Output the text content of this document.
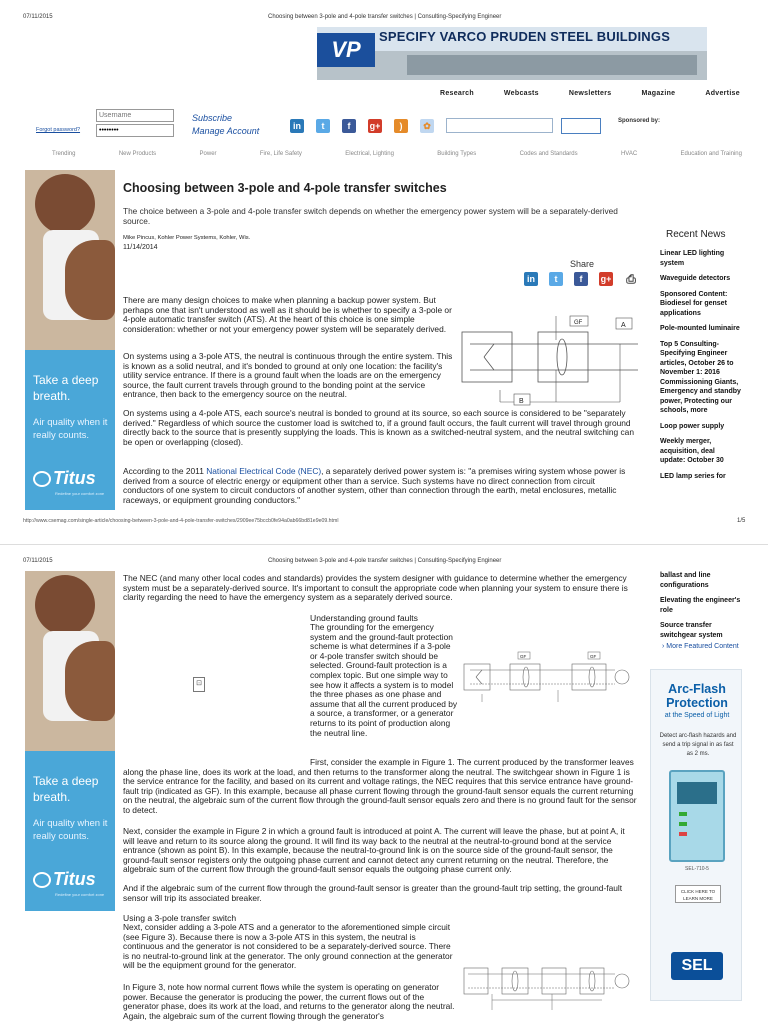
07/11/2015	Choosing between 3-pole and 4-pole transfer switches | Consulting-Specifying Engineer
VP
SPECIFY VARCO PRUDEN STEEL BUILDINGS
Research	Webcasts	Newsletters	Magazine	Advertise
Username
••••••••
Forgot password?
Subscribe
Manage Account	in	t	f	g+	)	✿	Sponsored by:
Trending	New Products	Power	Fire, Life Safety	Electrical, Lighting	Building Types	Codes and Standards	HVAC	Education and Training
Take a deep breath.
Air quality when it really counts.
Titus
Redefine your comfort zone
Choosing between 3-pole and 4-pole transfer switches
The choice between a 3-pole and 4-pole transfer switch depends on whether the emergency power system will be a separately-derived source.
Mike Pincus, Kohler Power Systems, Kohler, Wis.
11/14/2014
Share
in	t	f	g+ ⎙
There are many design choices to make when planning a backup power system. But perhaps one that isn't understood as well as it should be is whether to specify a 3-pole or 4-pole automatic transfer switch (ATS). At the heart of this choice is one simple consideration: whether or not your emergency power system will be separately derived.
On systems using a 3-pole ATS, the neutral is continuous through the entire system. This is known as a solid neutral, and it's bonded to ground at only one location: the facility's utility service entrance. If there is a ground fault when the loads are on the emergency source, the fault current travels through ground to the bonding point at the service entrance, then back to the emergency source on the neutral.
On systems using a 4-pole ATS, each source's neutral is bonded to ground at its source, so each source is considered to be "separately derived." Regardless of which source the customer load is switched to, if a ground fault occurs, the fault current will travel through ground directly back to the source that is presently supplying the loads. This is known as a switched-neutral system, and the neutral switching can be open or overlapping (closed).
According to the 2011 National Electrical Code (NEC), a separately derived power system is: "a premises wiring system whose power is derived from a source of electric energy or equipment other than a service. Such systems have no direct connection from circuit conductors of one system to circuit conductors of another system, other than connection through the earth, metal enclosures, metallic raceways, or equipment grounding conductors."
GF	A
B
Recent News
Linear LED lighting system
Waveguide detectors
Sponsored Content: Biodiesel for genset applications
Pole-mounted luminaire
Top 5 Consulting-Specifying Engineer articles, October 26 to November 1: 2016 Commissioning Giants, Emergency and standby power, Protecting our schools, more
Loop power supply
Weekly merger, acquisition, deal update: October 30
LED lamp series for
http://www.csemag.com/single-article/choosing-between-3-pole-and-4-pole-transfer-switches/2909ee75bccb0fe94a0ab66bd81e9e09.html	1/5
07/11/2015	Choosing between 3-pole and 4-pole transfer switches | Consulting-Specifying Engineer
Take a deep breath.
Air quality when it really counts.
Titus
Redefine your comfort zone
The NEC (and many other local codes and standards) provides the system designer with guidance to determine whether the emergency system must be a separately-derived source. It's important to consult the appropriate code when planning your system to ensure there is clarity regarding the need to have the emergency system as a separately derived source.
Understanding ground faults
The grounding for the emergency system and the ground-fault protection scheme is what determines if a 3-pole or 4-pole transfer switch should be selected. Ground-fault protection is a complex topic. But one simple way to see how it affects a system is to model the three phases as one phase and assume that all the current produced by a source, a transformer, or a generator returns to its point of production along the neutral line.
⊡
GF	GF
First, consider the example in Figure 1. The current produced by the transformer leaves along the phase line, does its work at the load, and then returns to the transformer along the neutral. The switchgear shown in Figure 1 is the service entrance for the facility, and based on its current and voltage ratings, the NEC requires that this service entrance have ground-fault trip (indicated as GF). In this example, because all phase current flowing through the ground-fault sensor equals the current returning on the neutral, the algebraic sum of the current flow through the ground-fault sensor equals zero and there is no ground fault for the sensor to detect.
Next, consider the example in Figure 2 in which a ground fault is introduced at point A. The current will leave the phase, but at point A, it will leave and return to its source along the ground. It will find its way back to the neutral at the neutral-to-ground bond at the service entrance (shown as point B). In this example, because the neutral-to-ground link is on the source side of the ground-fault sensor, the ground-fault sensor registers only the outgoing phase current and cannot detect any current returning on the neutral. Therefore, the algebraic sum of the current flow through the ground-fault sensor equals the outgoing phase current only.
And if the algebraic sum of the current flow through the ground-fault sensor is greater than the ground-fault trip setting, the ground-fault sensor will trip its associated breaker.
Using a 3-pole transfer switch
Next, consider adding a 3-pole ATS and a generator to the aforementioned simple circuit (see Figure 3). Because there is now a 3-pole ATS in this system, the neutral is continuous and the generator is not considered to be a separately-derived source. There is no neutral-to-ground link at the generator. The only ground connection at the generator will be the equipment ground for the generator.
In Figure 3, note how normal current flows while the system is operating on generator power. Because the generator is producing the power, the current flows out of the generator phase, does its work at the load, and returns to the generator along the neutral. Again, the algebraic sum of the current flowing through the generator's
ballast and line configurations
Elevating the engineer's role
Source transfer switchgear system
› More Featured Content
Arc-Flash Protection
at the Speed of Light
Detect arc-flash hazards and send a trip signal in as fast as 2 ms.
SEL-710-5
CLICK HERE TO LEARN MORE
SEL
